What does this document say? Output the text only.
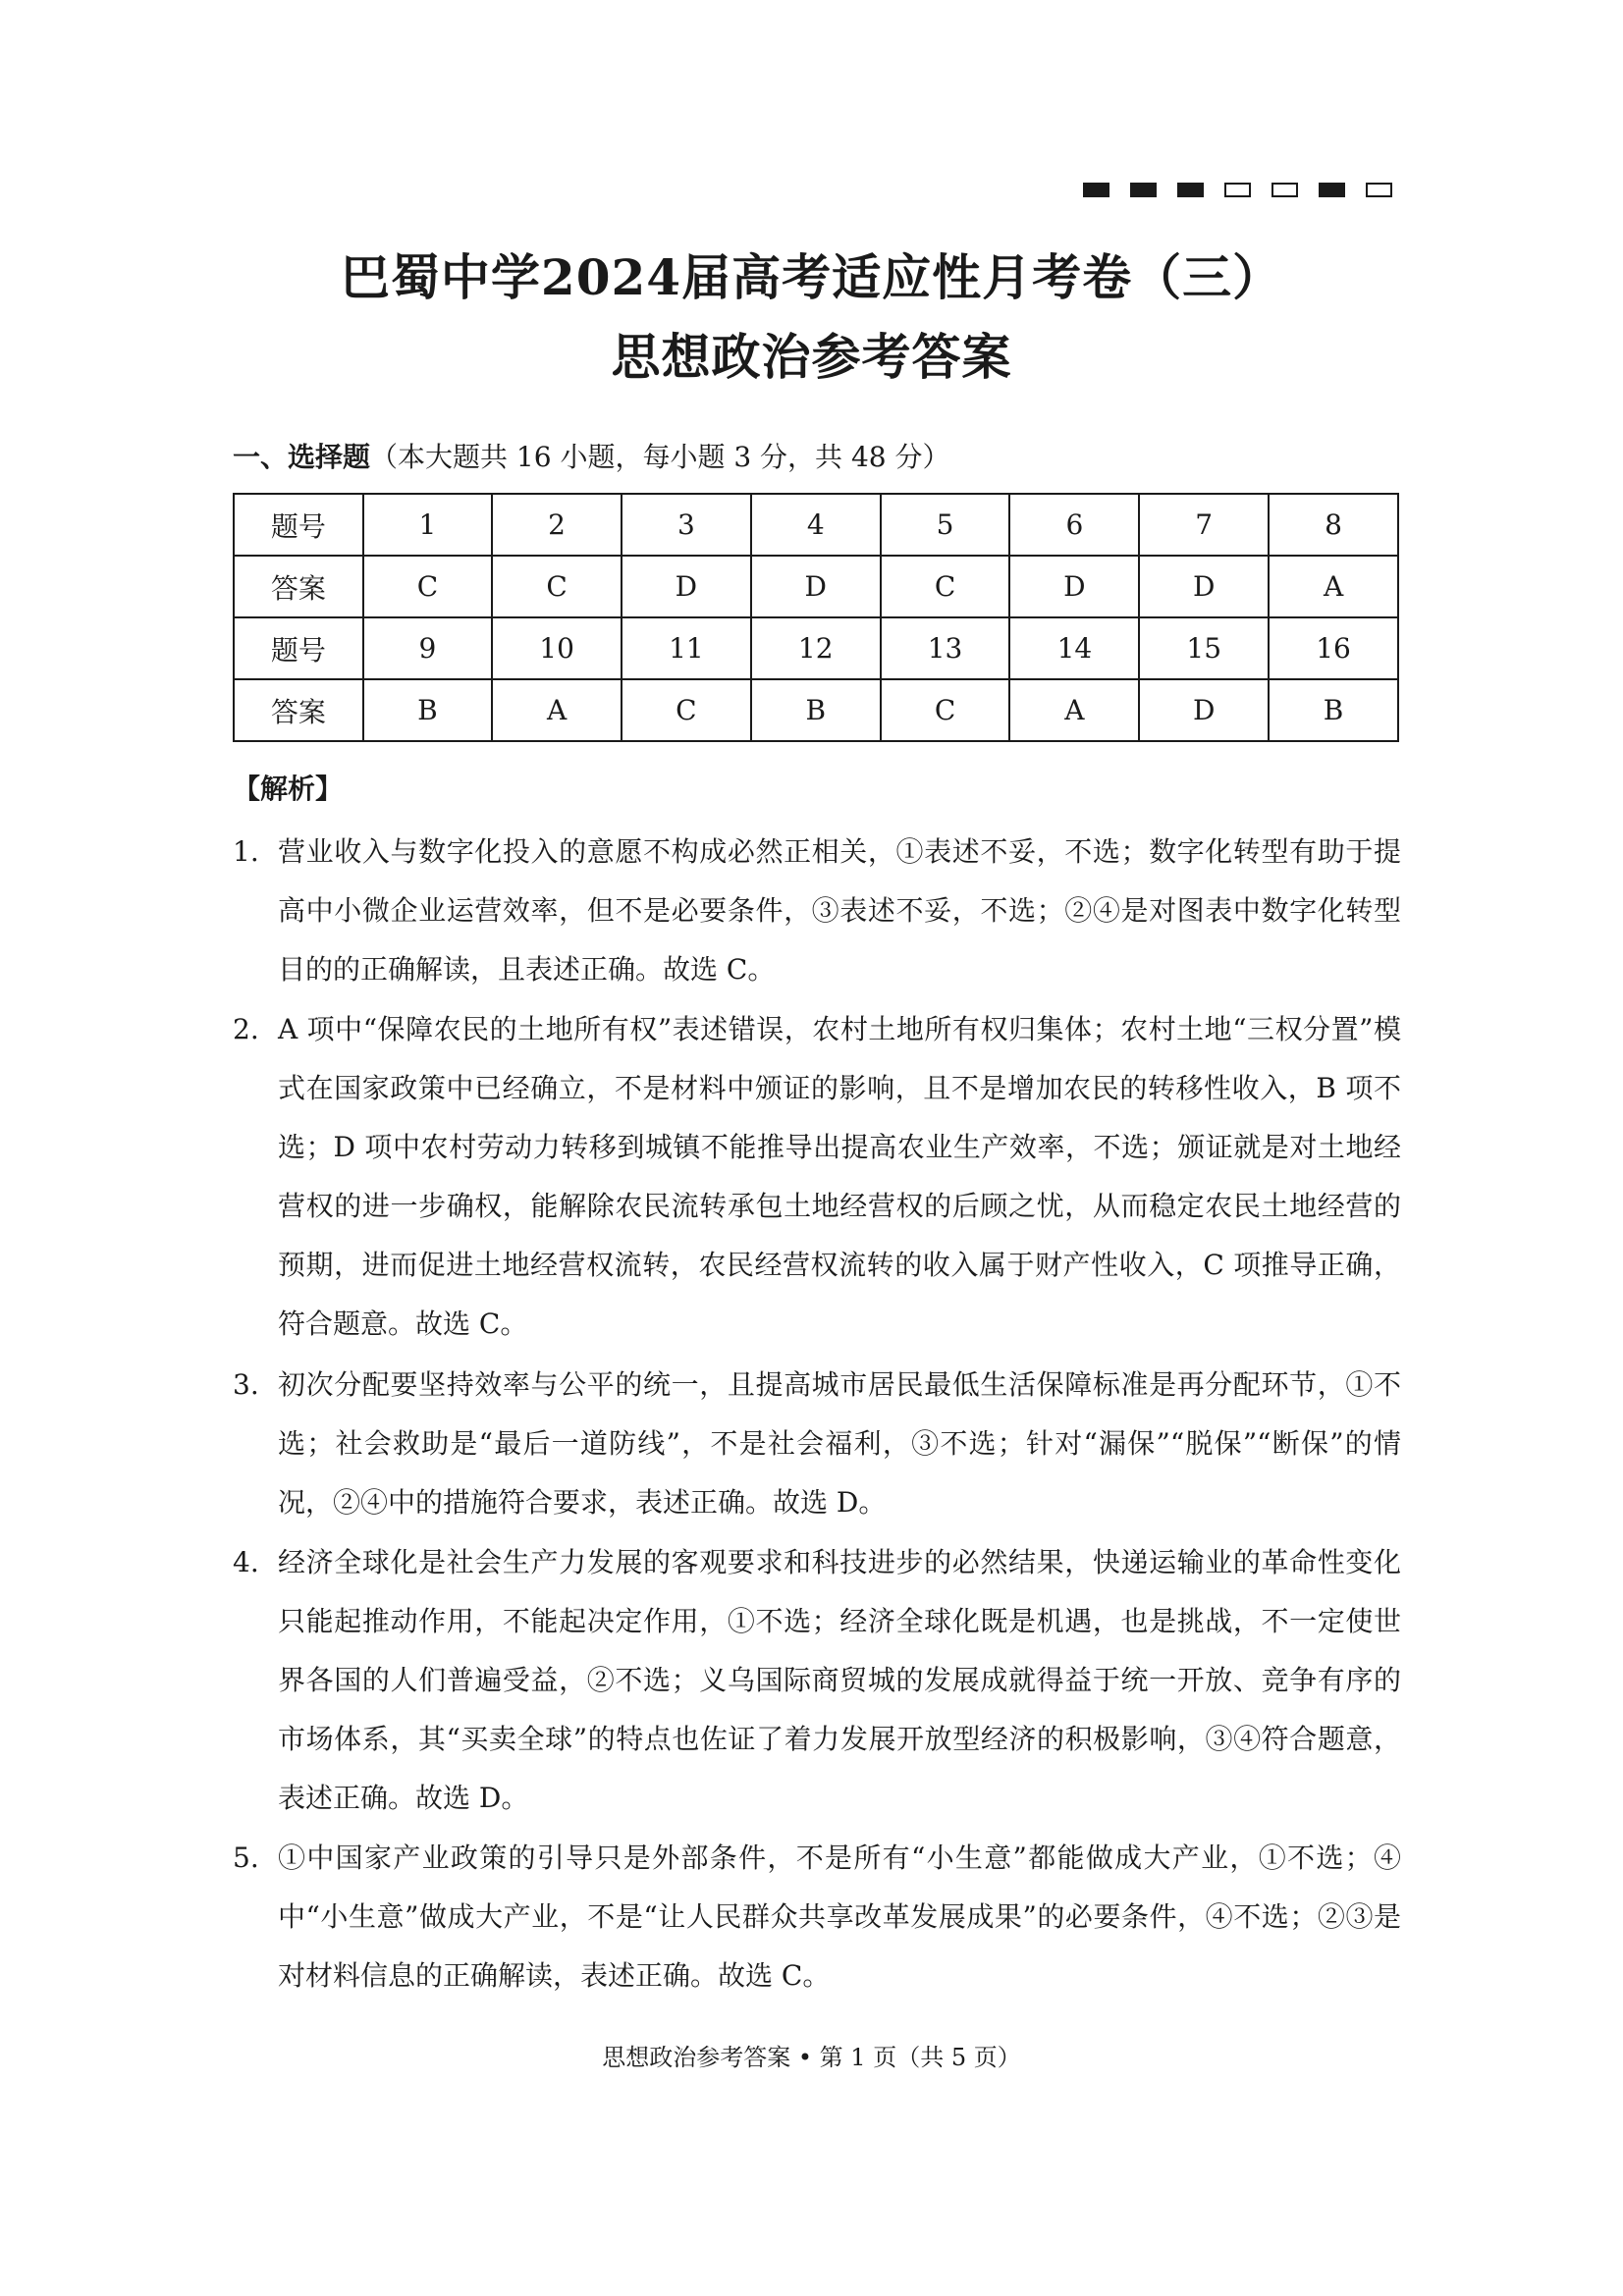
巴蜀中学2024届高考适应性月考卷（三）
思想政治参考答案
一、选择题（本大题共 16 小题，每小题 3 分，共 48 分）
题号	1	2	3	4	5	6	7	8
答案	C	C	D	D	C	D	D	A
题号	9	10	11	12	13	14	15	16
答案	B	A	C	B	C	A	D	B
【解析】
1. 营业收入与数字化投入的意愿不构成必然正相关，①表述不妥，不选；数字化转型有助于提高中小微企业运营效率，但不是必要条件，③表述不妥，不选；②④是对图表中数字化转型目的的正确解读，且表述正确。故选 C。
2. A 项中“保障农民的土地所有权”表述错误，农村土地所有权归集体；农村土地“三权分置”模式在国家政策中已经确立，不是材料中颁证的影响，且不是增加农民的转移性收入，B 项不选；D 项中农村劳动力转移到城镇不能推导出提高农业生产效率，不选；颁证就是对土地经营权的进一步确权，能解除农民流转承包土地经营权的后顾之忧，从而稳定农民土地经营的预期，进而促进土地经营权流转，农民经营权流转的收入属于财产性收入，C 项推导正确，符合题意。故选 C。
3. 初次分配要坚持效率与公平的统一，且提高城市居民最低生活保障标准是再分配环节，①不选；社会救助是“最后一道防线”，不是社会福利，③不选；针对“漏保”“脱保”“断保”的情况，②④中的措施符合要求，表述正确。故选 D。
4. 经济全球化是社会生产力发展的客观要求和科技进步的必然结果，快递运输业的革命性变化只能起推动作用，不能起决定作用，①不选；经济全球化既是机遇，也是挑战，不一定使世界各国的人们普遍受益，②不选；义乌国际商贸城的发展成就得益于统一开放、竞争有序的市场体系，其“买卖全球”的特点也佐证了着力发展开放型经济的积极影响，③④符合题意，表述正确。故选 D。
5. ①中国家产业政策的引导只是外部条件，不是所有“小生意”都能做成大产业，①不选；④中“小生意”做成大产业，不是“让人民群众共享改革发展成果”的必要条件，④不选；②③是对材料信息的正确解读，表述正确。故选 C。
思想政治参考答案 • 第 1 页（共 5 页）
